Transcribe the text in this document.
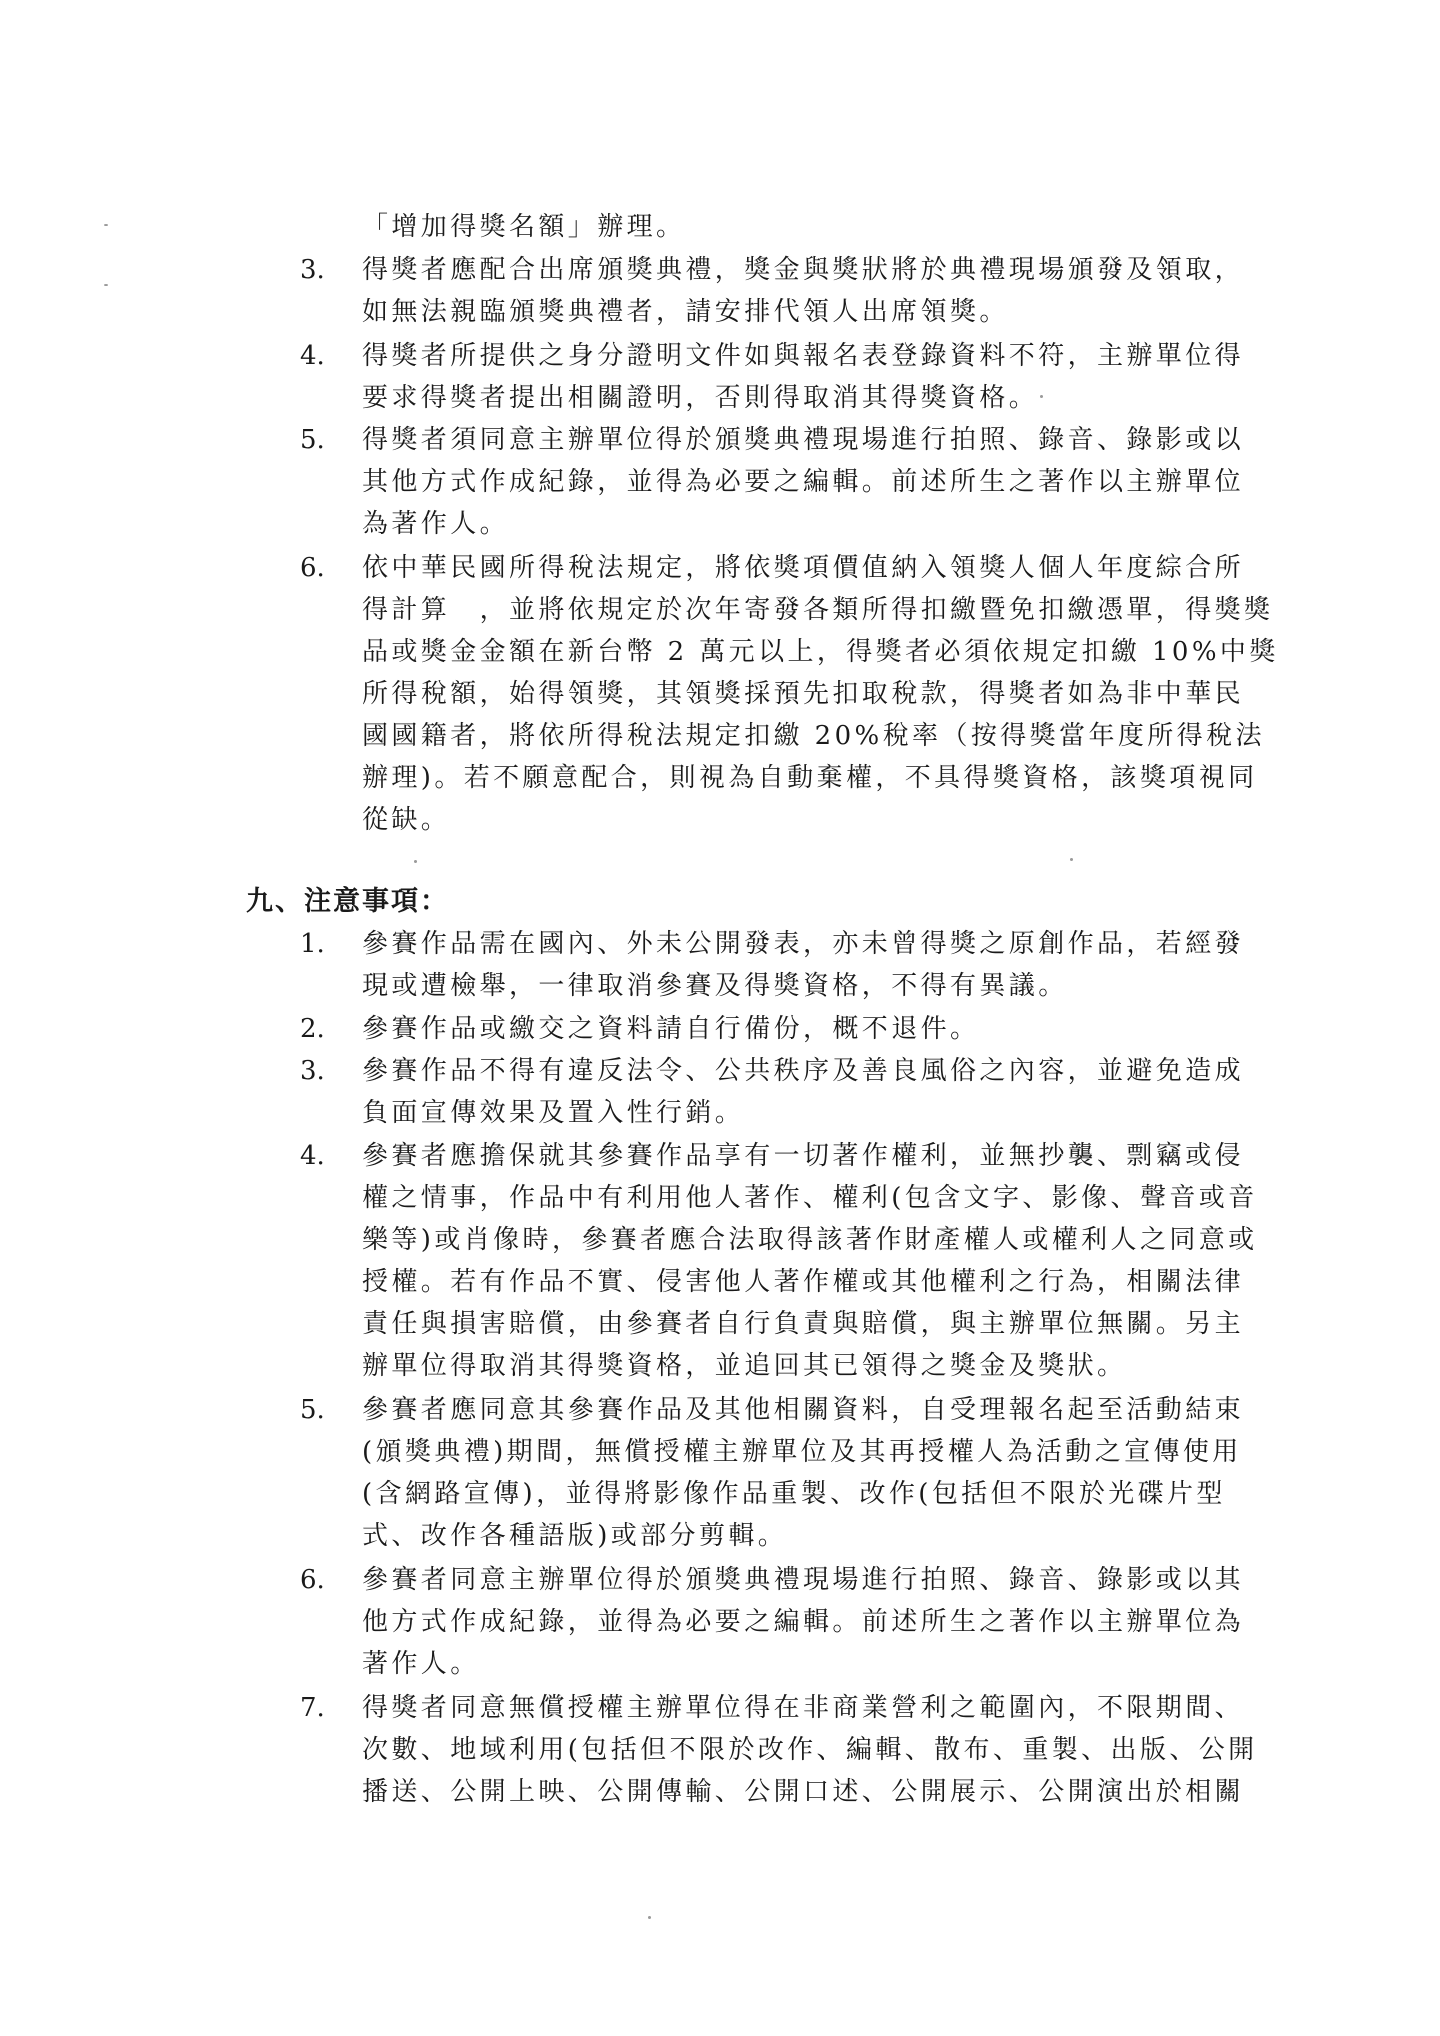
「增加得獎名額」辦理。
3. 得獎者應配合出席頒獎典禮，獎金與獎狀將於典禮現場頒發及領取，
如無法親臨頒獎典禮者，請安排代領人出席領獎。
4. 得獎者所提供之身分證明文件如與報名表登錄資料不符，主辦單位得
要求得獎者提出相關證明，否則得取消其得獎資格。
5. 得獎者須同意主辦單位得於頒獎典禮現場進行拍照、錄音、錄影或以
其他方式作成紀錄，並得為必要之編輯。前述所生之著作以主辦單位
為著作人。
6. 依中華民國所得稅法規定，將依獎項價值納入領獎人個人年度綜合所
得計算　，並將依規定於次年寄發各類所得扣繳暨免扣繳憑單，得獎獎
品或獎金金額在新台幣 2 萬元以上，得獎者必須依規定扣繳 10%中獎
所得稅額，始得領獎，其領獎採預先扣取稅款，得獎者如為非中華民
國國籍者，將依所得稅法規定扣繳 20%稅率（按得獎當年度所得稅法
辦理)。若不願意配合，則視為自動棄權，不具得獎資格，該獎項視同
從缺。
九、注意事項：
1. 參賽作品需在國內、外未公開發表，亦未曾得獎之原創作品，若經發
現或遭檢舉，一律取消參賽及得獎資格，不得有異議。
2. 參賽作品或繳交之資料請自行備份，概不退件。
3. 參賽作品不得有違反法令、公共秩序及善良風俗之內容，並避免造成
負面宣傳效果及置入性行銷。
4. 參賽者應擔保就其參賽作品享有一切著作權利，並無抄襲、剽竊或侵
權之情事，作品中有利用他人著作、權利(包含文字、影像、聲音或音
樂等)或肖像時，參賽者應合法取得該著作財產權人或權利人之同意或
授權。若有作品不實、侵害他人著作權或其他權利之行為，相關法律
責任與損害賠償，由參賽者自行負責與賠償，與主辦單位無關。另主
辦單位得取消其得獎資格，並追回其已領得之獎金及獎狀。
5. 參賽者應同意其參賽作品及其他相關資料，自受理報名起至活動結束
(頒獎典禮)期間，無償授權主辦單位及其再授權人為活動之宣傳使用
(含網路宣傳)，並得將影像作品重製、改作(包括但不限於光碟片型
式、改作各種語版)或部分剪輯。
6. 參賽者同意主辦單位得於頒獎典禮現場進行拍照、錄音、錄影或以其
他方式作成紀錄，並得為必要之編輯。前述所生之著作以主辦單位為
著作人。
7. 得獎者同意無償授權主辦單位得在非商業營利之範圍內，不限期間、
次數、地域利用(包括但不限於改作、編輯、散布、重製、出版、公開
播送、公開上映、公開傳輸、公開口述、公開展示、公開演出於相關
